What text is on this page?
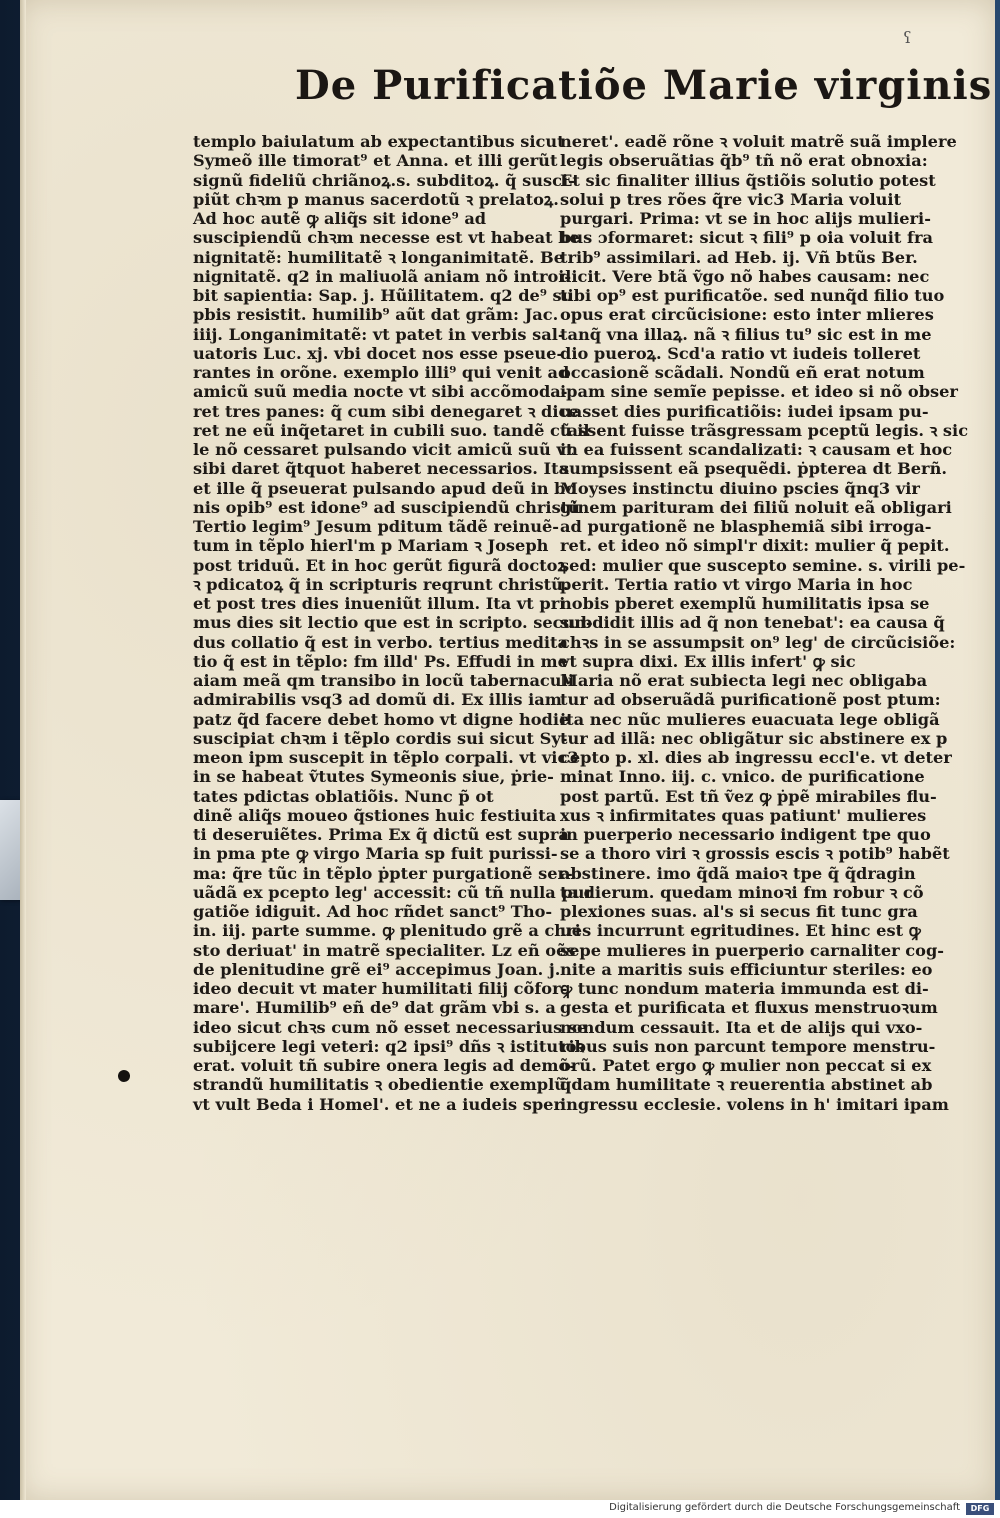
ʕ
De Purificatiõe Marie virginis
templo baiulatum ab expectantibus sicut
Symeõ ille timorat⁹ et Anna. et illi gerũt
signũ fideliũ chriãnoꝝ.s. subditoꝝ. q̃ susci-
piũt chꝛm p manus sacerdotũ ꝛ prelatoꝝ.
Ad hoc autẽ ꝙ aliq̃s sit idone⁹ ad
suscipiendũ chꝛm necesse est vt habeat be
nignitatẽ: humilitatẽ ꝛ longanimitatẽ. Be
nignitatẽ. q2 in maliuolã aniam nõ introi-
bit sapientia: Sap. j. Hũilitatem. q2 de⁹ su
pbis resistit. humilib⁹ aũt dat grãm: Jac.
iiij. Longanimitatẽ: vt patet in verbis sal-
uatoris Luc. xj. vbi docet nos esse pseue-
rantes in orõne. exemplo illi⁹ qui venit ad
amicũ suũ media nocte vt sibi accõmoda-
ret tres panes: q̃ cum sibi denegaret ꝛ dice
ret ne eũ inq̃etaret in cubili suo. tandẽ cũ il
le nõ cessaret pulsando vicit amicũ suũ vt
sibi daret q̃tquot haberet necessarios. Ita
et ille q̃ pseuerat pulsando apud deũ in bo
nis opib⁹ est idone⁹ ad suscipiendũ christũ
Tertio legim⁹ Jesum pditum tãdẽ reinuẽ-
tum in tẽplo hierl'm p Mariam ꝛ Joseph
post triduũ. Et in hoc gerũt figurã doctoꝝ
ꝛ pdicatoꝝ q̃ in scripturis reqrunt christũ.
et post tres dies inueniũt illum. Ita vt pri
mus dies sit lectio que est in scripto. secun-
dus collatio q̃ est in verbo. tertius medita
tio q̃ est in tẽplo: fm illd' Ps. Effudi in me
aiam meã qm transibo in locũ tabernaculi
admirabilis vsq3 ad domũ di. Ex illis iam
patz q̃d facere debet homo vt digne hodie
suscipiat chꝛm i tẽplo cordis sui sicut Sy-
meon ipm suscepit in tẽplo corpali. vt vic3
in se habeat ṽtutes Symeonis siue, ṗrie-
tates pdictas oblatiõis. Nunc p̃ ot
dinẽ aliq̃s moueo q̃stiones huic festiuita
ti deseruiẽtes. Prima Ex q̃ dictũ est supra
in pma pte ꝙ virgo Maria sp fuit purissi-
ma: q̃re tũc in tẽplo ṗpter purgationẽ ser-
uãdã ex pcepto leg' accessit: cũ tñ nulla pur
gatiõe idiguit. Ad hoc rñdet sanct⁹ Tho-
in. iij. parte summe. ꝙ plenitudo grẽ a chri
sto deriuat' in matrẽ specialiter. Lz eñ oẽs
de plenitudine grẽ ei⁹ accepimus Joan. j.
ideo decuit vt mater humilitati filij cõfor-
mare'. Humilib⁹ eñ de⁹ dat grãm vbi s. a
ideo sicut chꝛs cum nõ esset necessarius se
subijcere legi veteri: q2 ipsi⁹ dñs ꝛ istitutoꝛ
erat. voluit tñ subire onera legis ad demõ-
strandũ humilitatis ꝛ obedientie exemplũ
vt vult Beda i Homel'. et ne a iudeis sper
neret'. eadẽ rõne ꝛ voluit matrẽ suã implere
legis obseruãtias q̃b⁹ tñ nõ erat obnoxia:
Et sic finaliter illius q̃stiõis solutio potest
solui p tres rões q̃re vic3 Maria voluit
purgari. Prima: vt se in hoc alijs mulieri-
bus ɔformaret: sicut ꝛ fili⁹ p oia voluit fra
trib⁹ assimilari. ad Heb. ij. Vñ btũs Ber.
dicit. Vere btã ṽgo nõ habes causam: nec
tibi op⁹ est purificatõe. sed nunq̃d filio tuo
opus erat circũcisione: esto inter mlieres
tanq̃ vna illaꝝ. nã ꝛ filius tu⁹ sic est in me
dio pueroꝝ. Scd'a ratio vt iudeis tolleret
occasionẽ scãdali. Nondũ eñ erat notum
ipam sine semĩe pepisse. et ideo si nõ obser
uasset dies purificatiõis: iudei ipsam pu-
tassent fuisse trãsgressam pceptũ legis. ꝛ sic
in ea fuissent scandalizati: ꝛ causam et hoc
sumpsissent eã psequẽdi. ṗpterea dt Berñ.
Moyses instinctu diuino pscies q̃nq3 vir
ginem parituram dei filiũ noluit eã obligari
ad purgationẽ ne blasphemiã sibi irroga-
ret. et ideo nõ simpl'r dixit: mulier q̃ pepit.
sed: mulier que suscepto semine. s. virili pe-
perit. Tertia ratio vt virgo Maria in hoc
nobis pberet exemplũ humilitatis ipsa se
subdidit illis ad q̃ non tenebat': ea causa q̃
chꝛs in se assumpsit on⁹ leg' de circũcisiõe:
vt supra dixi. Ex illis infert' ꝙ sic
Maria nõ erat subiecta legi nec obligaba
tur ad obseruãdã purificationẽ post ptum:
ita nec nũc mulieres euacuata lege obligã
tur ad illã: nec obligãtur sic abstinere ex p
cepto p. xl. dies ab ingressu eccl'e. vt deter
minat Inno. iij. c. vnico. de purificatione
post partũ. Est tñ ṽez ꝙ ṗpẽ mirabiles flu-
xus ꝛ infirmitates quas patiunt' mulieres
in puerperio necessario indigent tpe quo
se a thoro viri ꝛ grossis escis ꝛ potib⁹ habẽt
abstinere. imo q̃dã maioꝛ tpe q̃ q̃dragin
ta dierum. quedam minoꝛi fm robur ꝛ cõ
plexiones suas. al's si secus fit tunc gra
ues incurrunt egritudines. Et hinc est ꝙ
sepe mulieres in puerperio carnaliter cog-
nite a maritis suis efficiuntur steriles: eo
ꝙ tunc nondum materia immunda est di-
gesta et purificata et fluxus menstruoꝛum
nondum cessauit. Ita et de alijs qui vxo-
ribus suis non parcunt tempore menstru-
orũ. Patet ergo ꝙ mulier non peccat si ex
q̃dam humilitate ꝛ reuerentia abstinet ab
ingressu ecclesie. volens in h' imitari ipam
Digitalisierung gefördert durch die Deutsche Forschungsgemeinschaft	DFG
